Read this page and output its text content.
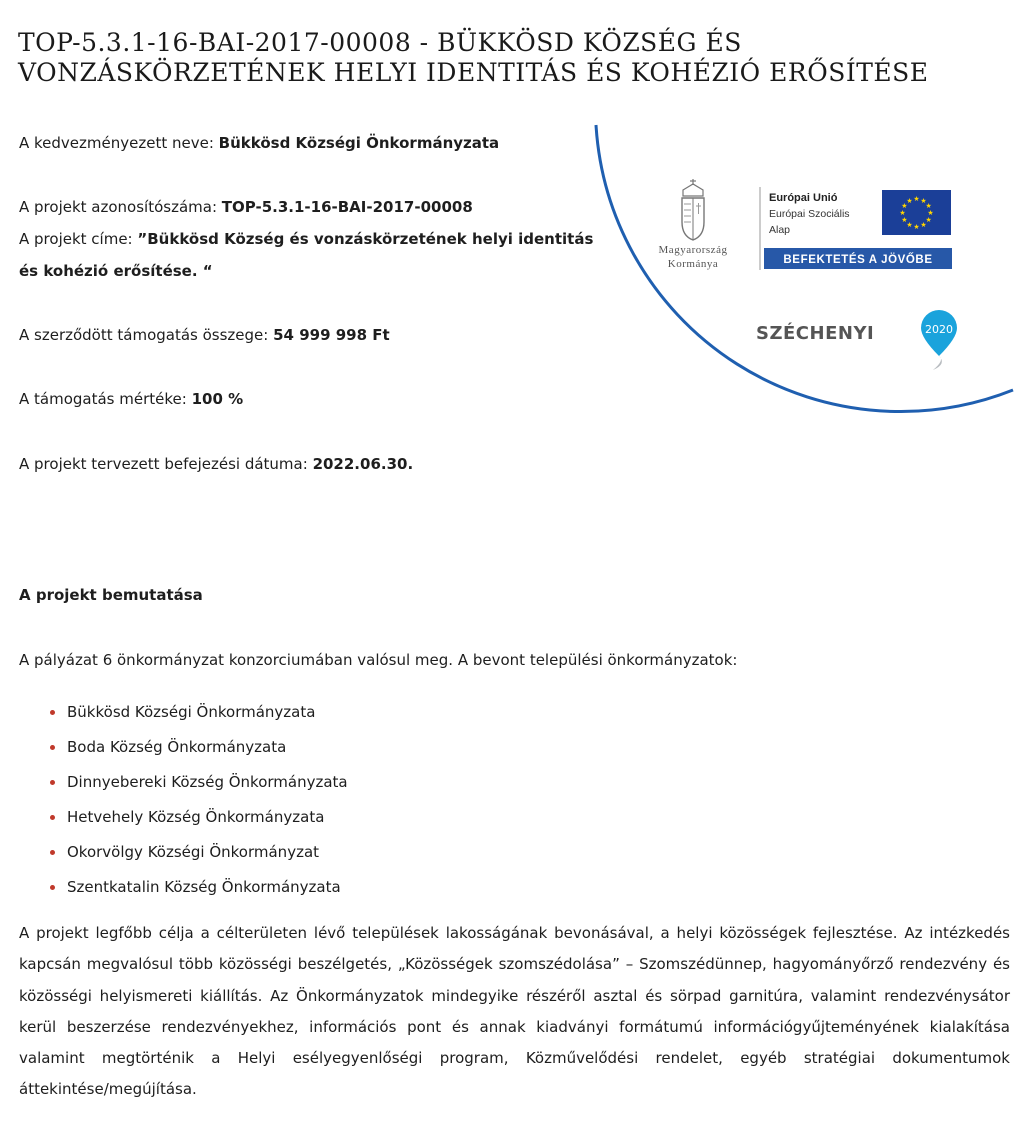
TOP-5.3.1-16-BAI-2017-00008 - BÜKKÖSD KÖZSÉG ÉS VONZÁSKÖRZETÉNEK HELYI IDENTITÁS ÉS KOHÉZIÓ ERŐSÍTÉSE
A kedvezményezett neve: Bükkösd Községi Önkormányzata
A projekt azonosítószáma: TOP-5.3.1-16-BAI-2017-00008
A projekt címe: ”Bükkösd Község és vonzáskörzetének helyi identitás és kohézió erősítése. “
A szerződött támogatás összege: 54 999 998 Ft
A támogatás mértéke: 100 %
A projekt tervezett befejezési dátuma: 2022.06.30.
Magyarország
Kormánya
Európai Unió
Európai Szociális
Alap
★ ★
★
★
★
★
★
★
★
★
★
★
BEFEKTETÉS A JÖVŐBE
SZÉCHENYI	2020
A projekt bemutatása
A pályázat 6 önkormányzat konzorciumában valósul meg. A bevont települési önkormányzatok:
Bükkösd Községi Önkormányzata
Boda Község Önkormányzata
Dinnyebereki Község Önkormányzata
Hetvehely Község Önkormányzata
Okorvölgy Községi Önkormányzat
Szentkatalin Község Önkormányzata

A projekt legfőbb célja a célterületen lévő települések lakosságának bevonásával, a helyi közösségek fejlesztése. Az intézkedés kapcsán megvalósul több közösségi beszélgetés, „Közösségek szomszédolása” – Szomszédünnep, hagyományőrző rendezvény és közösségi helyismereti kiállítás. Az Önkormányzatok mindegyike részéről asztal és sörpad garnitúra, valamint rendezvénysátor kerül beszerzése rendezvényekhez, információs pont és annak kiadványi formátumú információgyűjteményének kialakítása valamint megtörténik a Helyi esélyegyenlőségi program, Közművelődési rendelet, egyéb stratégiai dokumentumok áttekintése/megújítása.
